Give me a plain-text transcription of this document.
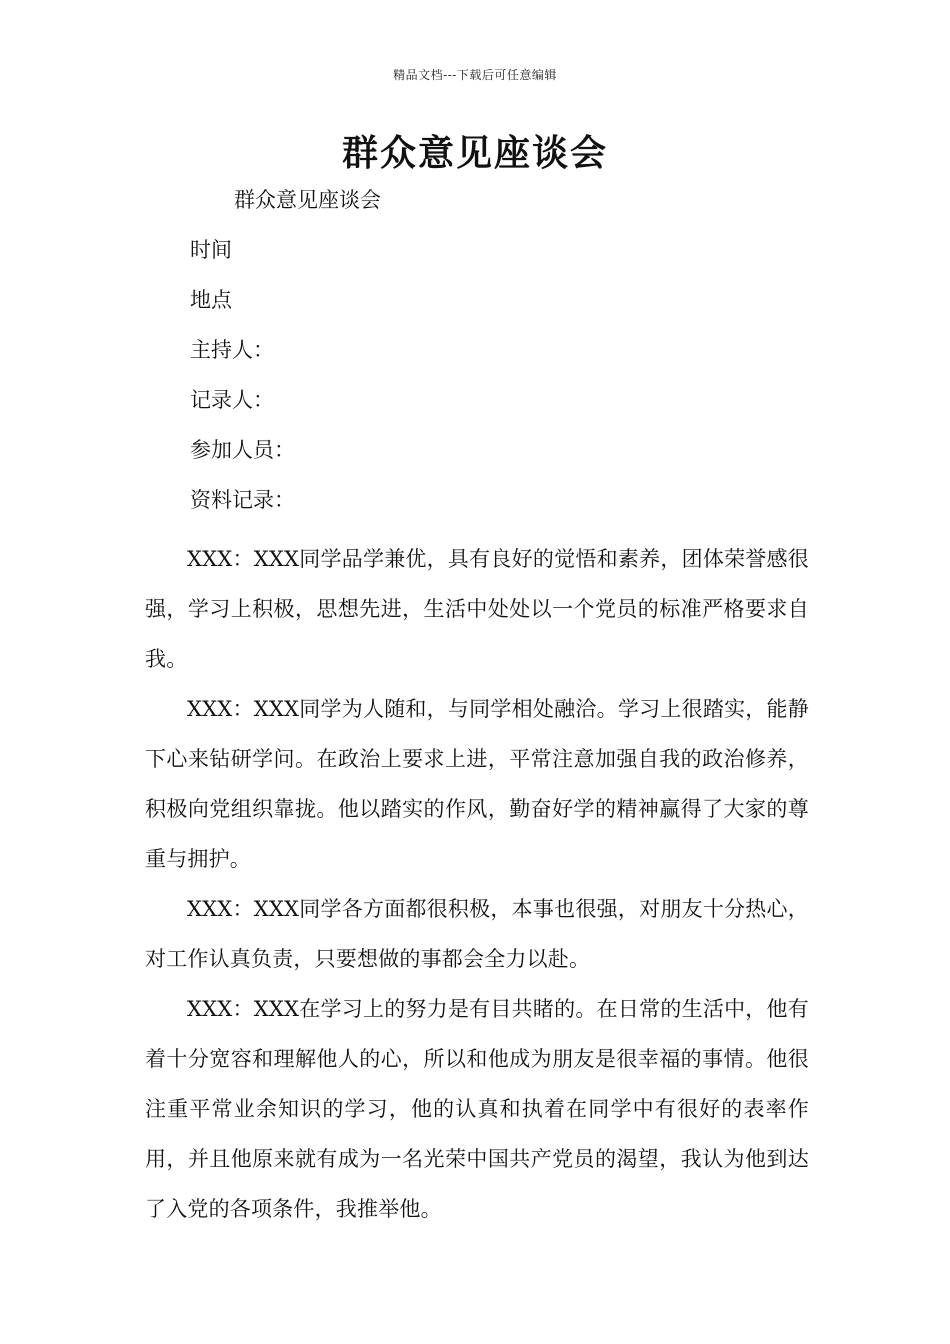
精品文档---下载后可任意编辑
群众意见座谈会
群众意见座谈会
时间
地点
主持人：
记录人：
参加人员：
资料记录：

XXX：XXX同学品学兼优，具有良好的觉悟和素养，团体荣誉感很强，学习上积极，思想先进，生活中处处以一个党员的标准严格要求自我。

XXX：XXX同学为人随和，与同学相处融洽。学习上很踏实，能静下心来钻研学问。在政治上要求上进，平常注意加强自我的政治修养，积极向党组织靠拢。他以踏实的作风，勤奋好学的精神赢得了大家的尊重与拥护。

XXX：XXX同学各方面都很积极，本事也很强，对朋友十分热心，对工作认真负责，只要想做的事都会全力以赴。

XXX：XXX在学习上的努力是有目共睹的。在日常的生活中，他有着十分宽容和理解他人的心，所以和他成为朋友是很幸福的事情。他很注重平常业余知识的学习，他的认真和执着在同学中有很好的表率作用，并且他原来就有成为一名光荣中国共产党员的渴望，我认为他到达了入党的各项条件，我推举他。
